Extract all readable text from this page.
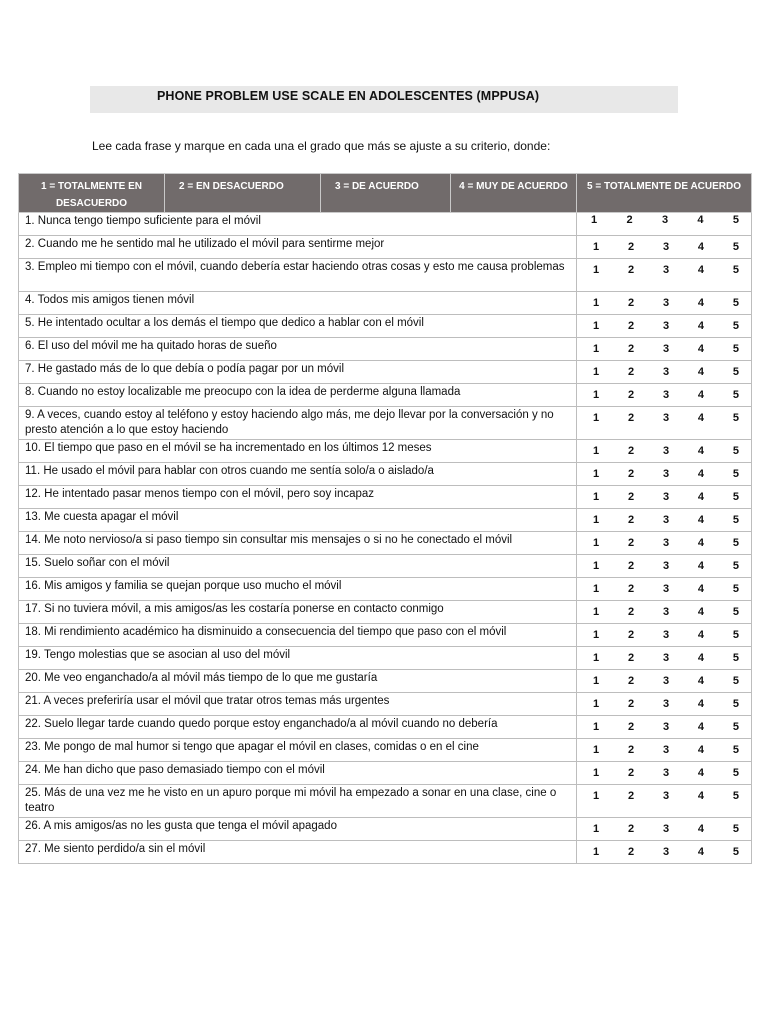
PHONE PROBLEM USE SCALE EN ADOLESCENTES (MPPUSA)
Lee cada frase y marque en cada una el grado que más se ajuste a su criterio, donde:
1 = TOTALMENTE EN DESACUERDO	2 = EN DESACUERDO	3 = DE ACUERDO	4 = MUY DE ACUERDO	5 = TOTALMENTE DE ACUERDO

1. Nunca tengo tiempo suficiente para el móvil				1 2 3 4 5

2. Cuando me he sentido mal he utilizado el móvil para sentirme mejor				1 2 3 4 5

3. Empleo mi tiempo con el móvil, cuando debería estar haciendo otras cosas y esto me causa problemas				1 2 3 4 5

4. Todos mis amigos tienen móvil				1 2 3 4 5

5. He intentado ocultar a los demás el tiempo que dedico a hablar con el móvil				1 2 3 4 5

6. El uso del móvil me ha quitado horas de sueño				1 2 3 4 5

7. He gastado más de lo que debía o podía pagar por un móvil				1 2 3 4 5

8. Cuando no estoy localizable me preocupo con la idea de perderme alguna llamada				1 2 3 4 5

9. A veces, cuando estoy al teléfono y estoy haciendo algo más, me dejo llevar por la conversación y no presto atención a lo que estoy haciendo				1 2 3 4 5

10. El tiempo que paso en el móvil se ha incrementado en los últimos 12 meses				1 2 3 4 5

11. He usado el móvil para hablar con otros cuando me sentía solo/a o aislado/a				1 2 3 4 5

12. He intentado pasar menos tiempo con el móvil, pero soy incapaz				1 2 3 4 5

13. Me cuesta apagar el móvil				1 2 3 4 5

14. Me noto nervioso/a si paso tiempo sin consultar mis mensajes o si no he conectado el móvil				1 2 3 4 5

15. Suelo soñar con el móvil				1 2 3 4 5

16. Mis amigos y familia se quejan porque uso mucho el móvil				1 2 3 4 5

17. Si no tuviera móvil, a mis amigos/as les costaría ponerse en contacto conmigo				1 2 3 4 5

18. Mi rendimiento académico ha disminuido a consecuencia del tiempo que paso con el móvil				1 2 3 4 5

19. Tengo molestias que se asocian al uso del móvil				1 2 3 4 5

20. Me veo enganchado/a al móvil más tiempo de lo que me gustaría				1 2 3 4 5

21. A veces preferiría usar el móvil que tratar otros temas más urgentes				1 2 3 4 5

22. Suelo llegar tarde cuando quedo porque estoy enganchado/a al móvil cuando no debería				1 2 3 4 5

23. Me pongo de mal humor si tengo que apagar el móvil en clases, comidas o en el cine				1 2 3 4 5

24. Me han dicho que paso demasiado tiempo con el móvil				1 2 3 4 5

25. Más de una vez me he visto en un apuro porque mi móvil ha empezado a sonar en una clase, cine o teatro				1 2 3 4 5

26. A mis amigos/as no les gusta que tenga el móvil apagado				1 2 3 4 5

27. Me siento perdido/a sin el móvil				1 2 3 4 5
